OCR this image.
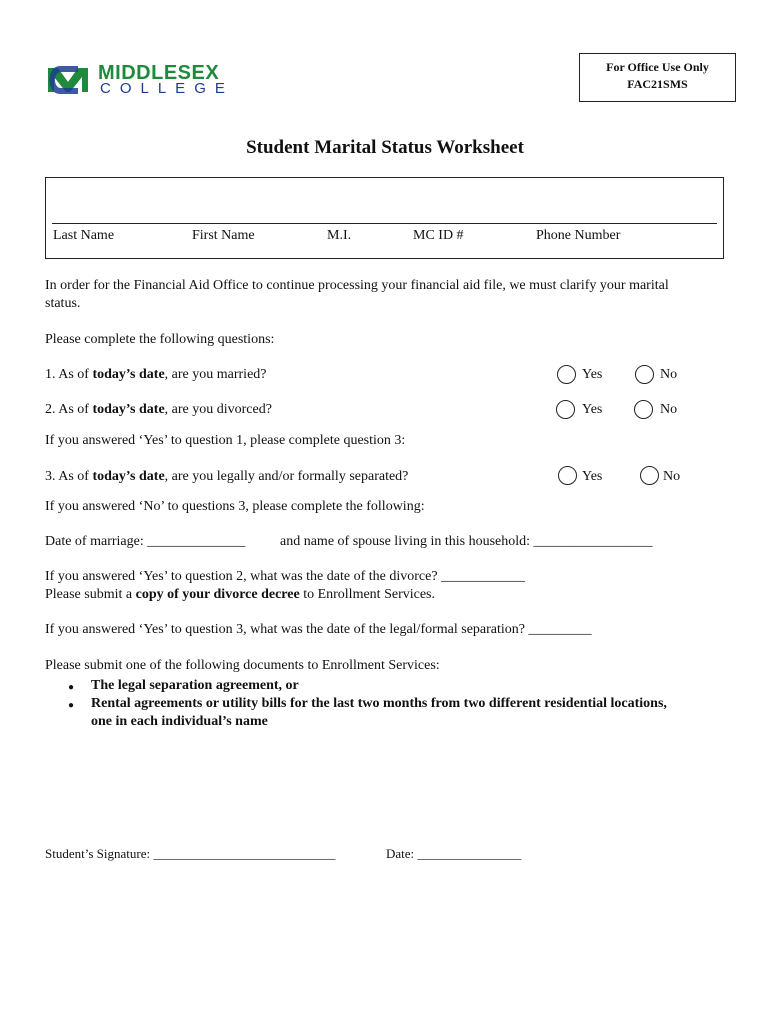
MIDDLESEX
COLLEGE
For Office Use Only
FAC21SMS
Student Marital Status Worksheet
Last Name	First Name	M.I.	MC ID #	Phone Number
In order for the Financial Aid Office to continue processing your financial aid file, we must clarify your marital
status.
Please complete the following questions:
1. As of today’s date, are you married?	Yes	No
2. As of today’s date, are you divorced?	Yes	No
If you answered ‘Yes’ to question 1, please complete question 3:
3. As of today’s date, are you legally and/or formally separated?	Yes	No
If you answered ‘No’ to questions 3, please complete the following:
Date of marriage: ______________ and name of spouse living in this household: _________________
If you answered ‘Yes’ to question 2, what was the date of the divorce? ____________
Please submit a copy of your divorce decree to Enrollment Services.
If you answered ‘Yes’ to question 3, what was the date of the legal/formal separation? _________
Please submit one of the following documents to Enrollment Services:
● The legal separation agreement, or
● Rental agreements or utility bills for the last two months from two different residential locations,
one in each individual’s name
Student’s Signature: ____________________________	Date: ________________
